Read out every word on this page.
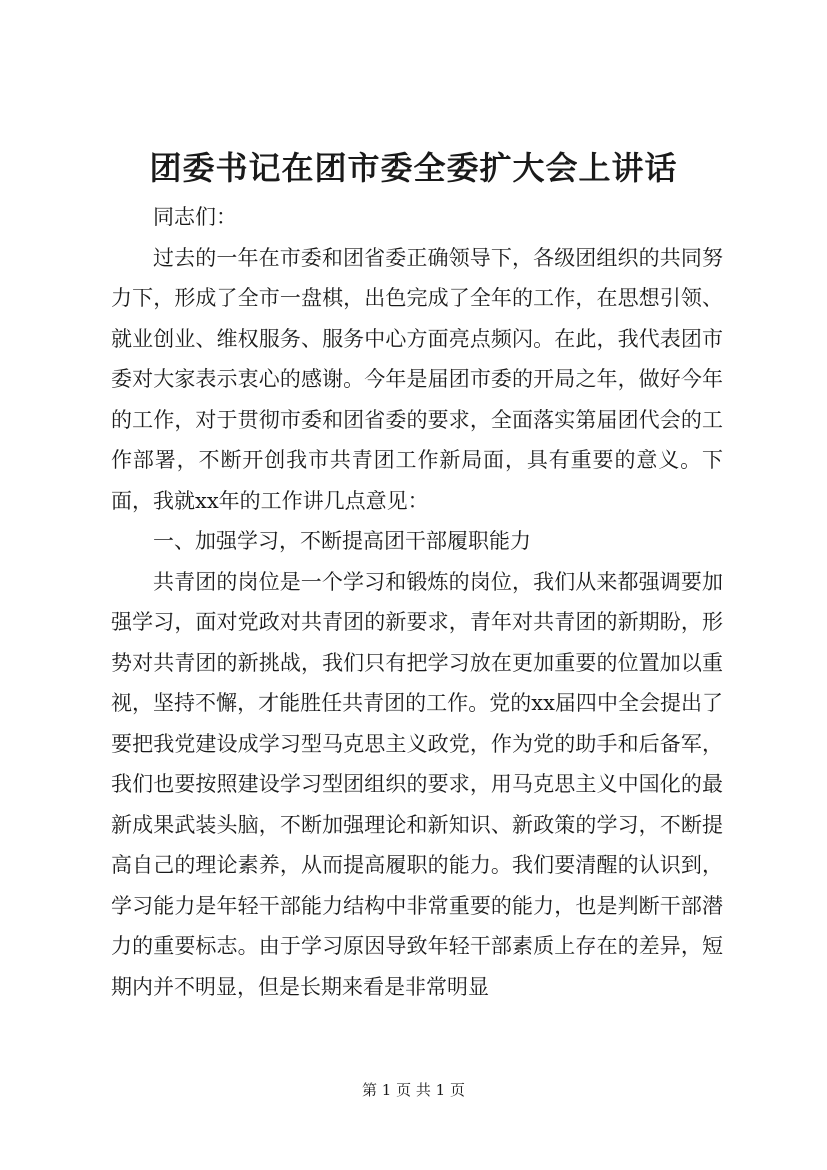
团委书记在团市委全委扩大会上讲话

同志们：

过去的一年在市委和团省委正确领导下，各级团组织的共同努力下，形成了全市一盘棋，出色完成了全年的工作，在思想引领、就业创业、维权服务、服务中心方面亮点频闪。在此，我代表团市委对大家表示衷心的感谢。今年是届团市委的开局之年，做好今年的工作，对于贯彻市委和团省委的要求，全面落实第届团代会的工作部署，不断开创我市共青团工作新局面，具有重要的意义。下面，我就xx年的工作讲几点意见：

一、加强学习，不断提高团干部履职能力

共青团的岗位是一个学习和锻炼的岗位，我们从来都强调要加强学习，面对党政对共青团的新要求，青年对共青团的新期盼，形势对共青团的新挑战，我们只有把学习放在更加重要的位置加以重视，坚持不懈，才能胜任共青团的工作。党的xx届四中全会提出了要把我党建设成学习型马克思主义政党，作为党的助手和后备军，我们也要按照建设学习型团组织的要求，用马克思主义中国化的最新成果武装头脑，不断加强理论和新知识、新政策的学习，不断提高自己的理论素养，从而提高履职的能力。我们要清醒的认识到，学习能力是年轻干部能力结构中非常重要的能力，也是判断干部潜力的重要标志。由于学习原因导致年轻干部素质上存在的差异，短期内并不明显，但是长期来看是非常明显

第 1 页 共 1 页
